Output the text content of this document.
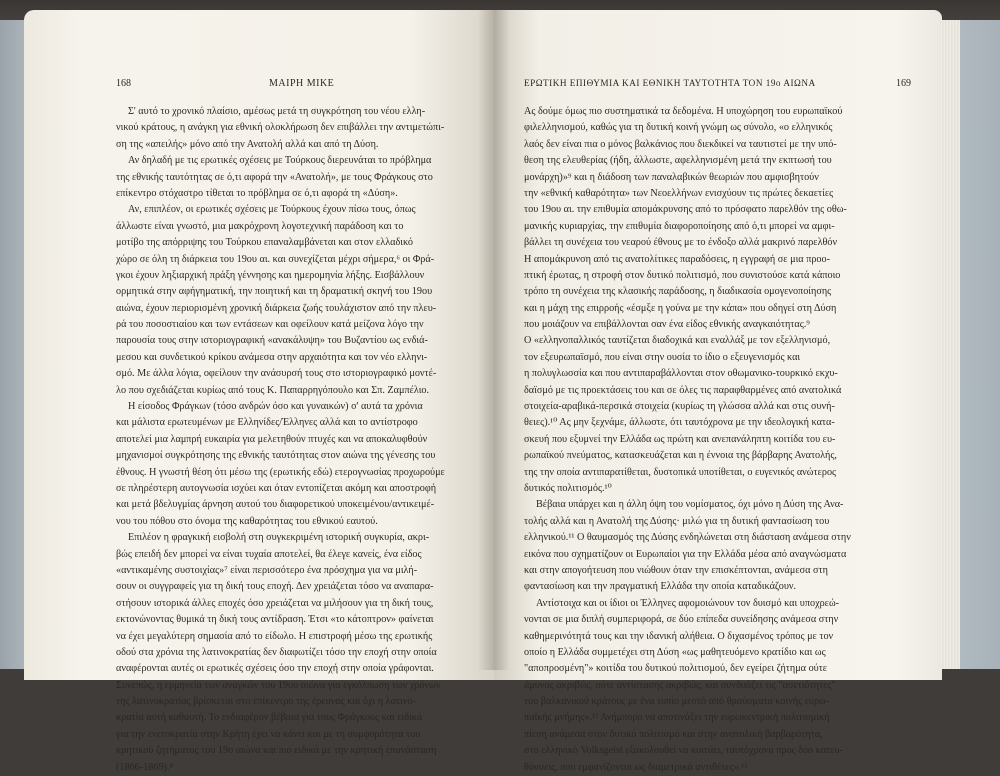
168	ΜΑΙΡΗ ΜΙΚΕ
Σ' αυτό το χρονικό πλαίσιο, αμέσως μετά τη συγκρότηση του νέου ελλη-
νικού κράτους, η ανάγκη για εθνική ολοκλήρωση δεν επιβάλλει την αντιμετώπι-
ση της «απειλής» μόνο από την Ανατολή αλλά και από τη Δύση.
Αν δηλαδή με τις ερωτικές σχέσεις με Τούρκους διερευνάται το πρόβλημα
της εθνικής ταυτότητας σε ό,τι αφορά την «Ανατολή», με τους Φράγκους στο
επίκεντρο στόχαστρο τίθεται το πρόβλημα σε ό,τι αφορά τη «Δύση».
Αν, επιπλέον, οι ερωτικές σχέσεις με Τούρκους έχουν πίσω τους, όπως
άλλωστε είναι γνωστό, μια μακρόχρονη λογοτεχνική παράδοση και το
μοτίβο της απόρριψης του Τούρκου επαναλαμβάνεται και στον ελλαδικό
χώρο σε όλη τη διάρκεια του 19ου αι. και συνεχίζεται μέχρι σήμερα,⁶ οι Φρά-
γκοι έχουν ληξιαρχική πράξη γέννησης και ημερομηνία λήξης. Εισβάλλουν
ορμητικά στην αφήγηματική, την ποιητική και τη δραματική σκηνή του 19ου
αιώνα, έχουν περιορισμένη χρονική διάρκεια ζωής τουλάχιστον από την πλευ-
ρά του ποσοστιαίου και των εντάσεων και οφείλουν κατά μείζονα λόγο την
παρουσία τους στην ιστοριογραφική «ανακάλυψη» του Βυζαντίου ως ενδιά-
μεσου και συνδετικού κρίκου ανάμεσα στην αρχαιότητα και τον νέο ελληνι-
σμό. Με άλλα λόγια, οφείλουν την ανάσυρσή τους στο ιστοριογραφικό μοντέ-
λο που σχεδιάζεται κυρίως από τους Κ. Παπαρρηγόπουλο και Σπ. Ζαμπέλιο.
Η είσοδος Φράγκων (τόσο ανδρών όσο και γυναικών) σ' αυτά τα χρόνια
και μάλιστα ερωτευμένων με Ελληνίδες/Έλληνες αλλά και το αντίστροφο
αποτελεί μια λαμπρή ευκαιρία για μελετηθούν πτυχές και να αποκαλυφθούν
μηχανισμοί συγκρότησης της εθνικής ταυτότητας στον αιώνα της γένεσης του
έθνους. Η γνωστή θέση ότι μέσω της (ερωτικής εδώ) ετερογνωσίας προχωρούμε
σε πληρέστερη αυτογνωσία ισχύει και όταν εντοπίζεται ακόμη και αποστροφή
και μετά βδελυγμίας άρνηση αυτού του διαφορετικού υποκειμένου/αντικειμέ-
νου του πόθου στο όνομα της καθαρότητας του εθνικού εαυτού.
Επιλέον η φραγκική εισβολή στη συγκεκριμένη ιστορική συγκυρία, ακρι-
βώς επειδή δεν μπορεί να είναι τυχαία αποτελεί, θα έλεγε κανείς, ένα είδος
«αντικαμένης συστοιχίας»⁷ είναι περισσότερο ένα πρόσχημα για να μιλή-
σουν οι συγγραφείς για τη δική τους εποχή. Δεν χρειάζεται τόσο να αναπαρα-
στήσουν ιστορικά άλλες εποχές όσο χρειάζεται να μιλήσουν για τη δική τους,
εκτονώνοντας θυμικά τη δική τους αντίδραση. Έτσι «το κάτοπτρον» φαίνεται
να έχει μεγαλύτερη σημασία από το είδωλο. Η επιστροφή μέσω της ερωτικής
οδού στα χρόνια της λατινοκρατίας δεν διαφωτίζει τόσο την εποχή στην οποία
αναφέρονται αυτές οι ερωτικές σχέσεις όσο την εποχή στην οποία γράφονται.
Συνεπώς, η ερμηνεία των αναγκών του 19ου αιώνα για εγκόλπωση των χρόνων
της λατινοκρατίας βρίσκεται στο επίκεντρο της έρευνας και όχι η λατινο-
κρατία αυτή καθαυτή. Το ενδιαφέρον βέβαια για τους Φράγκους και ειδικά
για την ενετοκρατία στην Κρήτη έχει να κάνει και με τη συμφορότητα του
κρητικού ζητήματος του 19ο αιώνα και πιο ειδικά με την κρητική επανάσταση
(1866-1869).⁸
ΕΡΩΤΙΚΗ ΕΠΙΘΥΜΙΑ ΚΑΙ ΕΘΝΙΚΗ ΤΑΥΤΟΤΗΤΑ ΤΟΝ 19ο ΑΙΩΝΑ	169
Ας δούμε όμως πιο συστηματικά τα δεδομένα. Η υποχώρηση του ευρωπαϊκού
φιλελληνισμού, καθώς για τη δυτική κοινή γνώμη ως σύνολο, «ο ελληνικός
λαός δεν είναι πια ο μόνος βαλκάνιος που διεκδικεί να ταυτιστεί με την υπό-
θεση της ελευθερίας (ήδη, άλλωστε, αφελληνισμένη μετά την εκπτωσή του
μονάρχη)»⁹ και η διάδοση των παναλαβικών θεωριών που αμφισβητούν
την «εθνική καθαρότητα» των Νεοελλήνων ενισχύουν τις πρώτες δεκαετίες
του 19ου αι. την επιθυμία απομάκρυνσης από το πρόσφατο παρελθόν της οθω-
μανικής κυριαρχίας, την επιθυμία διαφοροποίησης από ό,τι μπορεί να αμφι-
βάλλει τη συνέχεια του νεαρού έθνους με το ένδοξο αλλά μακρινό παρελθόν
Η απομάκρυνση από τις ανατολίτικες παραδόσεις, η εγγραφή σε μια προο-
πτική έρωτας, η στροφή στον δυτικό πολιτισμό, που συνιστούσε κατά κάποιο
τρόπο τη συνέχεια της κλασικής παράδοσης, η διαδικασία ομογενοποίησης
και η μάχη της επιρροής «έσμξε η γούνα με την κάπα» που οδηγεί στη Δύση
που μοιάζουν να επιβάλλονται σαν ένα είδος εθνικής αναγκαιότητας.⁹
Ο «ελληνοπαλλικός ταυτίζεται διαδοχικά και εναλλάξ με τον εξελληνισμό,
τον εξευρωπαϊσμό, που είναι στην ουσία το ίδιο ο εξευγενισμός και
η πολυγλωσσία και που αντιπαραβάλλονται στον οθωμανικο-τουρκικό εκχυ-
δαϊσμό με τις προεκτάσεις του και σε όλες τις παραφθαρμένες από ανατολικά
στοιχεία-αραβικά-περσικά στοιχεία (κυρίως τη γλώσσα αλλά και στις συνή-
θειες).¹⁰ Ας μην ξεχνάμε, άλλωστε, ότι ταυτόχρονα με την ιδεολογική κατα-
σκευή που εξυμνεί την Ελλάδα ως πρώτη και ανεπανάληπτη κοιτίδα του ευ-
ρωπαϊκού πνεύματος, κατασκευάζεται και η έννοια της βάρβαρης Ανατολής,
της την οποία αντιπαρατίθεται, δυστοπικά υποτίθεται, ο ευγενικός ανώτερος
δυτικός πολιτισμός.¹⁰
Βέβαια υπάρχει και η άλλη όψη του νομίσματος, όχι μόνο η Δύση της Ανα-
τολής αλλά και η Ανατολή της Δύσης· μιλώ για τη δυτική φαντασίωση του
ελληνικού.¹¹ Ο θαυμασμός της Δύσης ενδηλώνεται στη διάσταση ανάμεσα στην
εικόνα που σχηματίζουν οι Ευρωπαίοι για την Ελλάδα μέσα από αναγνώσματα
και στην απογοήτευση που νιώθουν όταν την επισκέπτονται, ανάμεσα στη
φαντασίωση και την πραγματική Ελλάδα την οποία καταδικάζουν.
Αντίστοιχα και οι ίδιοι οι Έλληνες αφομοιώνουν τον δυισμό και υποχρεώ-
νονται σε μια διπλή συμπεριφορά, σε δύο επίπεδα συνείδησης ανάμεσα στην
καθημερινότητά τους και την ιδανική αλήθεια. Ο διχασμένος τρόπος με τον
οποίο η Ελλάδα συμμετέχει στη Δύση «ως μαθητευόμενο κρατίδιο και ως
"αποπροσμένη"» κοιτίδα του δυτικού πολιτισμού, δεν εγείρει ζήτημα ούτε
άμυνας ακριβώς, ούτε αντίστασης ακριβώς, και συνδυάζει τις "ασετιότητες"
του βαλκανικού κράτους με ένα τοπίο μεστό από θραύσματα κοινής ευρω-
παϊκής μνήμης».¹² Ανήμπορο να αποτινάξει την ευρωκεντρική πολιτισμική
πίεση ανάμεσα στον δυτικό πολιτισμό και στην ανατολική βαρβαρότητα,
στο ελληνικό Volksgeist εξακολουθεί να κοιτάει, ταυτόχρονα προς δύο κατευ-
θύνσεις, που εμφανίζονται ως διαμετρικά αντιθέτες».¹³
